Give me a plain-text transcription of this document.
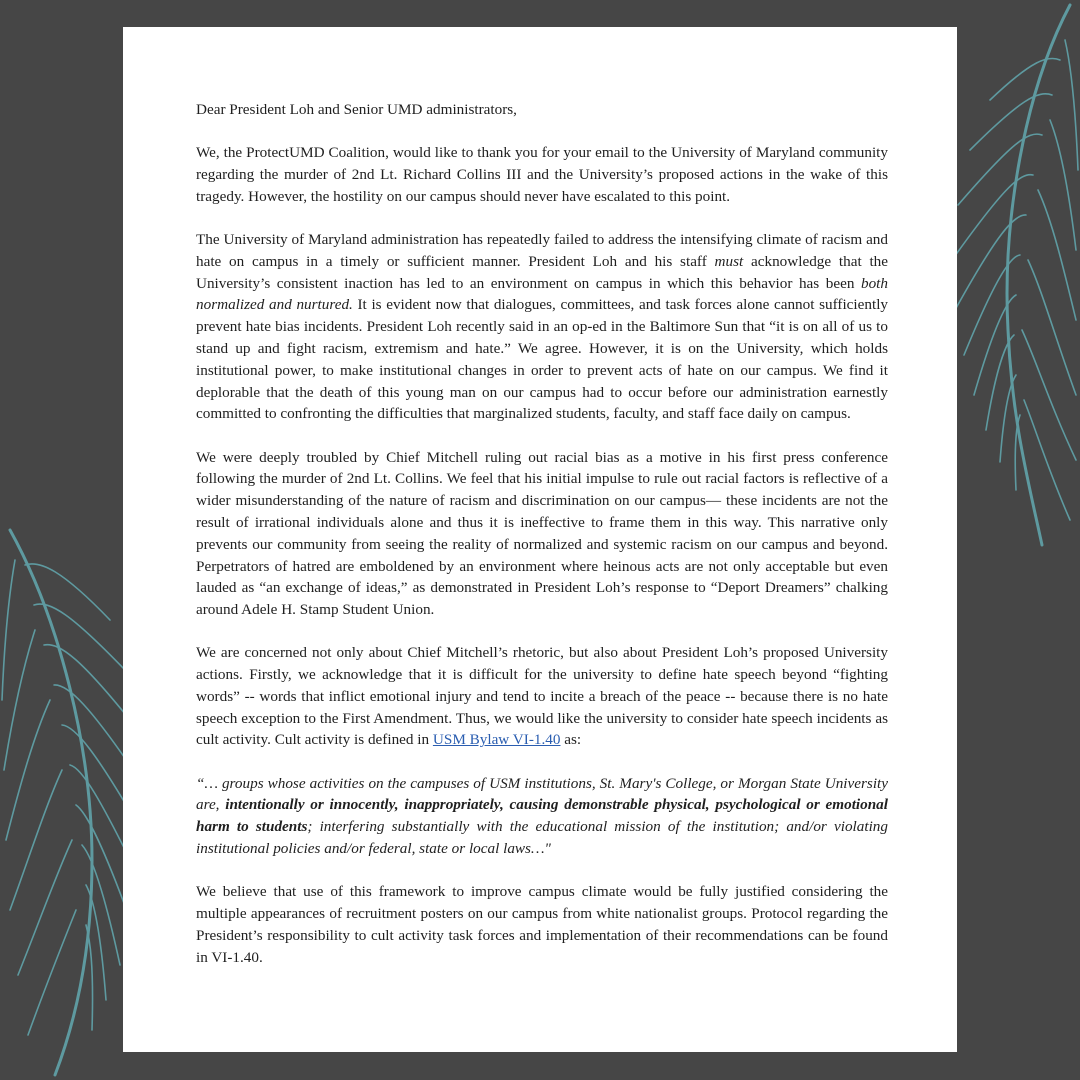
Dear President Loh and Senior UMD administrators,

We, the ProtectUMD Coalition, would like to thank you for your email to the University of Maryland community regarding the murder of 2nd Lt. Richard Collins III and the University’s proposed actions in the wake of this tragedy. However, the hostility on our campus should never have escalated to this point.

The University of Maryland administration has repeatedly failed to address the intensifying climate of racism and hate on campus in a timely or sufficient manner. President Loh and his staff must acknowledge that the University’s consistent inaction has led to an environment on campus in which this behavior has been both normalized and nurtured. It is evident now that dialogues, committees, and task forces alone cannot sufficiently prevent hate bias incidents. President Loh recently said in an op-ed in the Baltimore Sun that “it is on all of us to stand up and fight racism, extremism and hate.” We agree. However, it is on the University, which holds institutional power, to make institutional changes in order to prevent acts of hate on our campus. We find it deplorable that the death of this young man on our campus had to occur before our administration earnestly committed to confronting the difficulties that marginalized students, faculty, and staff face daily on campus.

We were deeply troubled by Chief Mitchell ruling out racial bias as a motive in his first press conference following the murder of 2nd Lt. Collins. We feel that his initial impulse to rule out racial factors is reflective of a wider misunderstanding of the nature of racism and discrimination on our campus— these incidents are not the result of irrational individuals alone and thus it is ineffective to frame them in this way. This narrative only prevents our community from seeing the reality of normalized and systemic racism on our campus and beyond. Perpetrators of hatred are emboldened by an environment where heinous acts are not only acceptable but even lauded as “an exchange of ideas,” as demonstrated in President Loh’s response to “Deport Dreamers” chalking around Adele H. Stamp Student Union.

We are concerned not only about Chief Mitchell’s rhetoric, but also about President Loh’s proposed University actions. Firstly, we acknowledge that it is difficult for the university to define hate speech beyond “fighting words” -- words that inflict emotional injury and tend to incite a breach of the peace -- because there is no hate speech exception to the First Amendment. Thus, we would like the university to consider hate speech incidents as cult activity. Cult activity is defined in USM Bylaw VI-1.40 as:

“… groups whose activities on the campuses of USM institutions, St. Mary's College, or Morgan State University are, intentionally or innocently, inappropriately, causing demonstrable physical, psychological or emotional harm to students; interfering substantially with the educational mission of the institution; and/or violating institutional policies and/or federal, state or local laws…"

We believe that use of this framework to improve campus climate would be fully justified considering the multiple appearances of recruitment posters on our campus from white nationalist groups. Protocol regarding the President’s responsibility to cult activity task forces and implementation of their recommendations can be found in VI-1.40.
